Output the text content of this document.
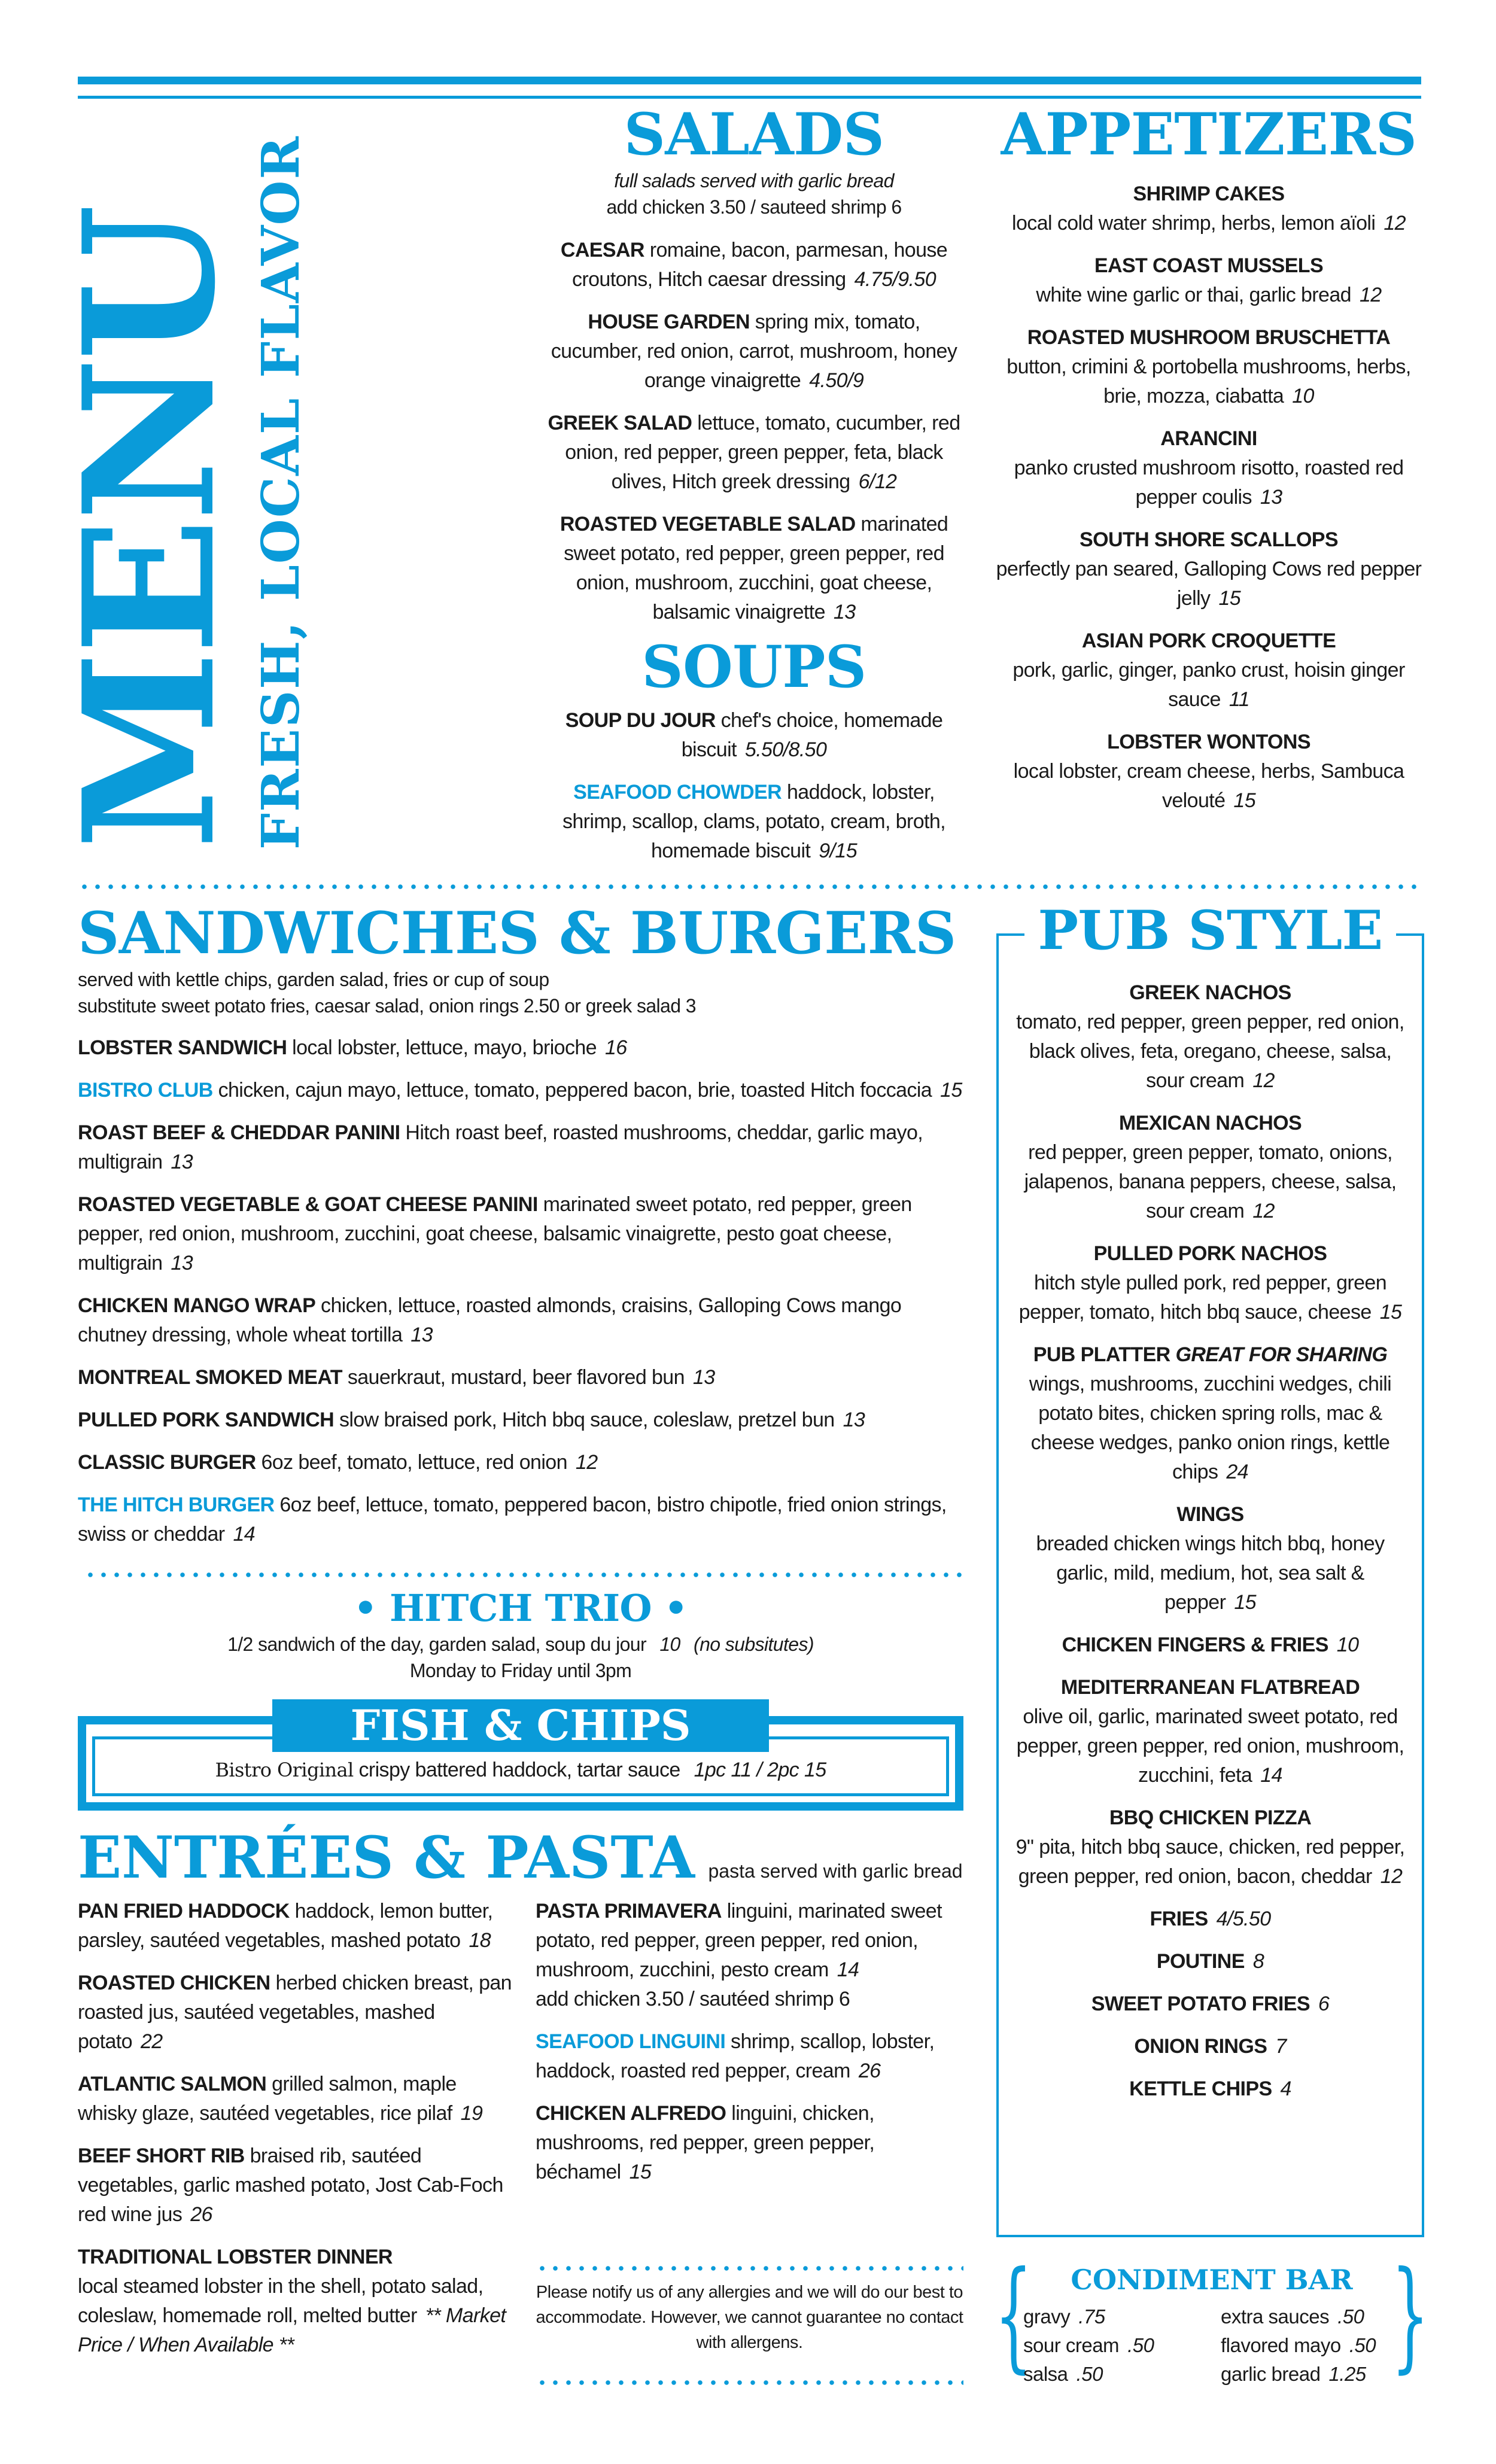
MENU
FRESH, LOCAL FLAVOR
SALADS
full salads served with garlic bread
add chicken 3.50 / sauteed shrimp 6
CAESAR romaine, bacon, parmesan, house croutons, Hitch caesar dressing 4.75/9.50
HOUSE GARDEN spring mix, tomato, cucumber, red onion, carrot, mushroom, honey orange vinaigrette 4.50/9
GREEK SALAD lettuce, tomato, cucumber, red onion, red pepper, green pepper, feta, black olives, Hitch greek dressing 6/12
ROASTED VEGETABLE SALAD marinated sweet potato, red pepper, green pepper, red onion, mushroom, zucchini, goat cheese, balsamic vinaigrette 13
SOUPS
SOUP DU JOUR chef's choice, homemade biscuit 5.50/8.50
SEAFOOD CHOWDER haddock, lobster, shrimp, scallop, clams, potato, cream, broth, homemade biscuit 9/15
APPETIZERS
SHRIMP CAKES
local cold water shrimp, herbs, lemon aïoli 12
EAST COAST MUSSELS
white wine garlic or thai, garlic bread 12
ROASTED MUSHROOM BRUSCHETTA
button, crimini & portobella mushrooms, herbs, brie, mozza, ciabatta 10
ARANCINI
panko crusted mushroom risotto, roasted red pepper coulis 13
SOUTH SHORE SCALLOPS
perfectly pan seared, Galloping Cows red pepper jelly 15
ASIAN PORK CROQUETTE
pork, garlic, ginger, panko crust, hoisin ginger sauce 11
LOBSTER WONTONS
local lobster, cream cheese, herbs, Sambuca velouté 15
SANDWICHES & BURGERS
served with kettle chips, garden salad, fries or cup of soup
substitute sweet potato fries, caesar salad, onion rings 2.50 or greek salad 3
LOBSTER SANDWICH local lobster, lettuce, mayo, brioche 16
BISTRO CLUB chicken, cajun mayo, lettuce, tomato, peppered bacon, brie, toasted Hitch foccacia 15
ROAST BEEF & CHEDDAR PANINI Hitch roast beef, roasted mushrooms, cheddar, garlic mayo, multigrain 13
ROASTED VEGETABLE & GOAT CHEESE PANINI marinated sweet potato, red pepper, green pepper, red onion, mushroom, zucchini, goat cheese, balsamic vinaigrette, pesto goat cheese, multigrain 13
CHICKEN MANGO WRAP chicken, lettuce, roasted almonds, craisins, Galloping Cows mango chutney dressing, whole wheat tortilla 13
MONTREAL SMOKED MEAT sauerkraut, mustard, beer flavored bun 13
PULLED PORK SANDWICH slow braised pork, Hitch bbq sauce, coleslaw, pretzel bun 13
CLASSIC BURGER 6oz beef, tomato, lettuce, red onion 12
THE HITCH BURGER 6oz beef, lettuce, tomato, peppered bacon, bistro chipotle, fried onion strings, swiss or cheddar 14
• HITCH TRIO •
1/2 sandwich of the day, garden salad, soup du jour 10 (no subsitutes)
Monday to Friday until 3pm
Bistro Original crispy battered haddock, tartar sauce 1pc 11 / 2pc 15
FISH & CHIPS
ENTRÉES & PASTA pasta served with garlic bread
PAN FRIED HADDOCK haddock, lemon butter, parsley, sautéed vegetables, mashed potato 18
ROASTED CHICKEN herbed chicken breast, pan roasted jus, sautéed vegetables, mashed potato 22
ATLANTIC SALMON grilled salmon, maple whisky glaze, sautéed vegetables, rice pilaf 19
BEEF SHORT RIB braised rib, sautéed vegetables, garlic mashed potato, Jost Cab-Foch red wine jus 26
TRADITIONAL LOBSTER DINNER
local steamed lobster in the shell, potato salad, coleslaw, homemade roll, melted butter ** Market Price / When Available **
PASTA PRIMAVERA linguini, marinated sweet potato, red pepper, green pepper, red onion, mushroom, zucchini, pesto cream 14
add chicken 3.50 / sautéed shrimp 6
SEAFOOD LINGUINI shrimp, scallop, lobster, haddock, roasted red pepper, cream 26
CHICKEN ALFREDO linguini, chicken, mushrooms, red pepper, green pepper, béchamel 15
Please notify us of any allergies and we will do our best to accommodate. However, we cannot guarantee no contact with allergens.
PUB STYLE
GREEK NACHOS
tomato, red pepper, green pepper, red onion, black olives, feta, oregano, cheese, salsa, sour cream 12
MEXICAN NACHOS
red pepper, green pepper, tomato, onions, jalapenos, banana peppers, cheese, salsa, sour cream 12
PULLED PORK NACHOS
hitch style pulled pork, red pepper, green pepper, tomato, hitch bbq sauce, cheese 15
PUB PLATTER GREAT FOR SHARING
wings, mushrooms, zucchini wedges, chili potato bites, chicken spring rolls, mac & cheese wedges, panko onion rings, kettle chips 24
WINGS
breaded chicken wings hitch bbq, honey garlic, mild, medium, hot, sea salt & pepper 15
CHICKEN FINGERS & FRIES 10
MEDITERRANEAN FLATBREAD
olive oil, garlic, marinated sweet potato, red pepper, green pepper, red onion, mushroom, zucchini, feta 14
BBQ CHICKEN PIZZA
9" pita, hitch bbq sauce, chicken, red pepper, green pepper, red onion, bacon, cheddar 12
FRIES 4/5.50
POUTINE 8
SWEET POTATO FRIES 6
ONION RINGS 7
KETTLE CHIPS 4
{	}
CONDIMENT BAR
gravy .75	extra sauces .50
sour cream .50	flavored mayo .50
salsa .50	garlic bread 1.25
